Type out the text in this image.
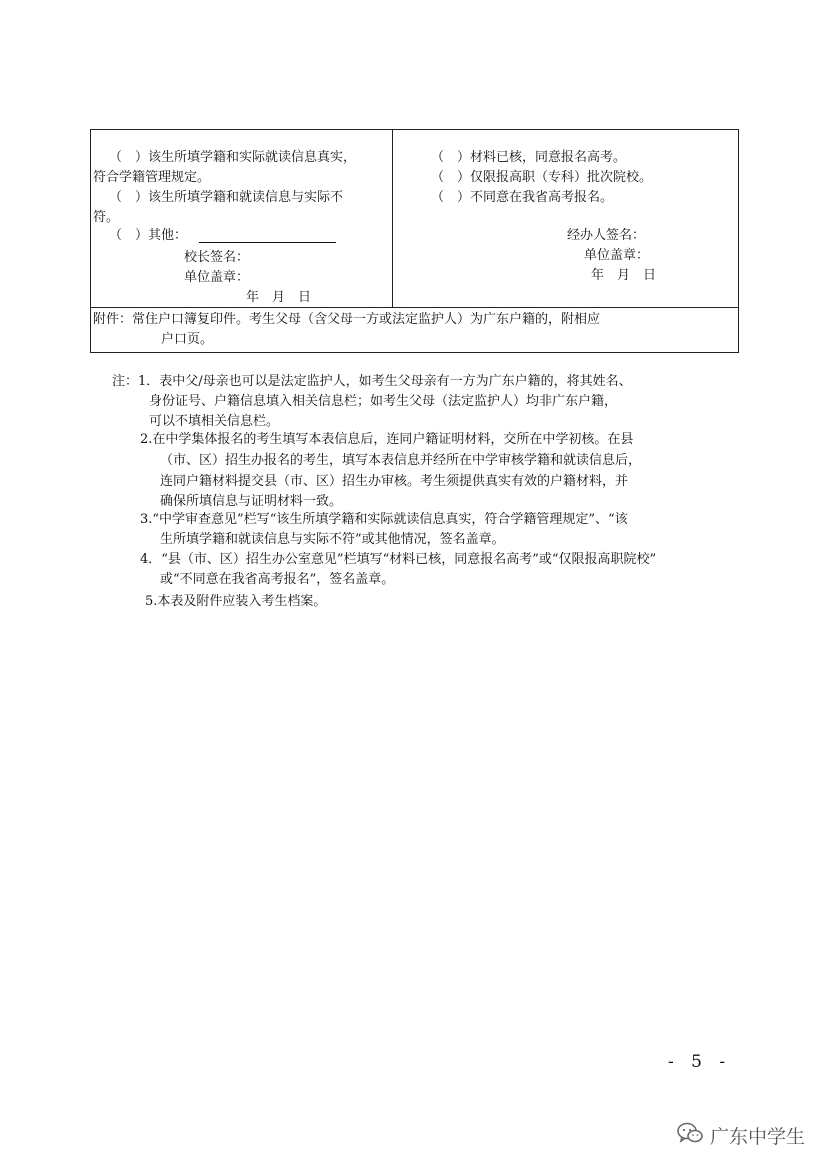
（　）该生所填学籍和实际就读信息真实，
符合学籍管理规定。
（　）该生所填学籍和就读信息与实际不
符。
（　）其他：
校长签名：
单位盖章：
年　月　日
（　）材料已核，同意报名高考。
（　）仅限报高职（专科）批次院校。
（　）不同意在我省高考报名。
经办人签名：
单位盖章：
年　月　日
附件：常住户口簿复印件。考生父母（含父母一方或法定监护人）为广东户籍的，附相应
户口页。
注：1．表中父/母亲也可以是法定监护人，如考生父母亲有一方为广东户籍的，将其姓名、
身份证号、户籍信息填入相关信息栏；如考生父母（法定监护人）均非广东户籍，
可以不填相关信息栏。
2.在中学集体报名的考生填写本表信息后，连同户籍证明材料，交所在中学初核。在县
（市、区）招生办报名的考生，填写本表信息并经所在中学审核学籍和就读信息后，
连同户籍材料提交县（市、区）招生办审核。考生须提供真实有效的户籍材料，并
确保所填信息与证明材料一致。
3.“中学审查意见”栏写“该生所填学籍和实际就读信息真实，符合学籍管理规定”、“该
生所填学籍和就读信息与实际不符”或其他情况，签名盖章。
4．“县（市、区）招生办公室意见”栏填写“材料已核，同意报名高考”或“仅限报高职院校”
或“不同意在我省高考报名”，签名盖章。
5.本表及附件应装入考生档案。
- 5 -
广东中学生
